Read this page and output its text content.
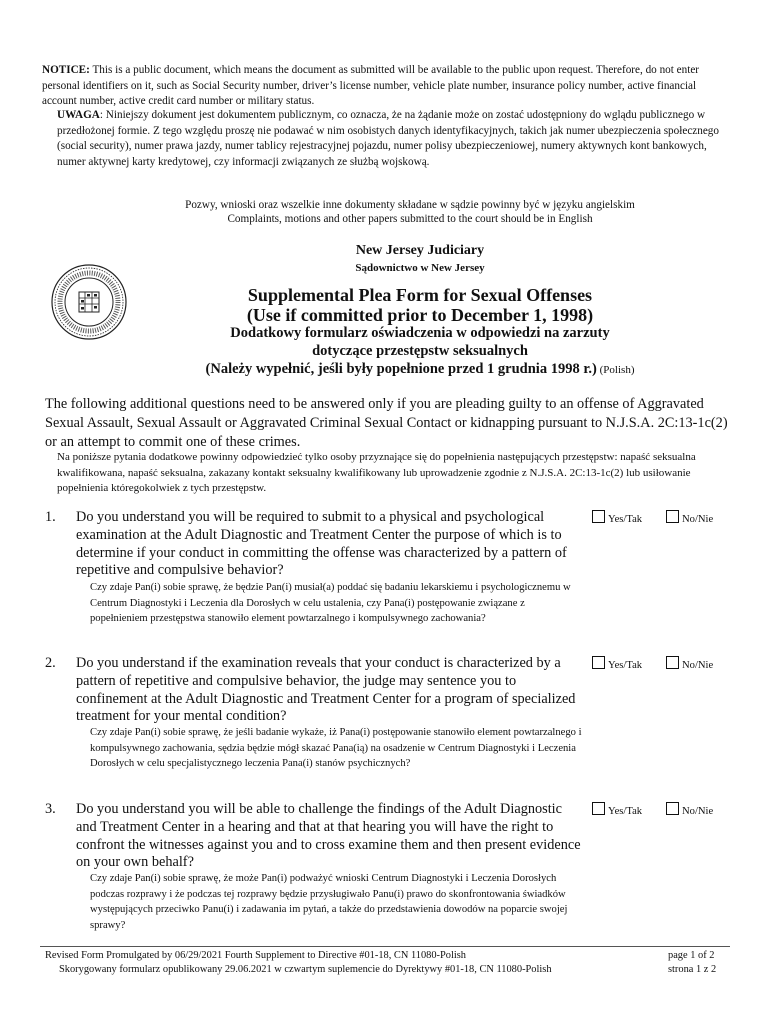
NOTICE: This is a public document, which means the document as submitted will be available to the public upon request. Therefore, do not enter personal identifiers on it, such as Social Security number, driver’s license number, vehicle plate number, insurance policy number, active financial account number, active credit card number or military status.
UWAGA: Niniejszy dokument jest dokumentem publicznym, co oznacza, że na żądanie może on zostać udostępniony do wglądu publicznego w przedłożonej formie. Z tego względu proszę nie podawać w nim osobistych danych identyfikacyjnych, takich jak numer ubezpieczenia społecznego (social security), numer prawa jazdy, numer tablicy rejestracyjnej pojazdu, numer polisy ubezpieczeniowej, numery aktywnych kont bankowych, numer aktywnej karty kredytowej, czy informacji związanych ze służbą wojskową.
Pozwy, wnioski oraz wszelkie inne dokumenty składane w sądzie powinny być w języku angielskim
Complaints, motions and other papers submitted to the court should be in English
New Jersey Judiciary
Sądownictwo w New Jersey
Supplemental Plea Form for Sexual Offenses
(Use if committed prior to December 1, 1998)
Dodatkowy formularz oświadczenia w odpowiedzi na zarzuty
dotyczące przestępstw seksualnych
(Należy wypełnić, jeśli były popełnione przed 1 grudnia 1998 r.) (Polish)
The following additional questions need to be answered only if you are pleading guilty to an offense of Aggravated Sexual Assault, Sexual Assault or Aggravated Criminal Sexual Contact or kidnapping pursuant to N.J.S.A. 2C:13-1c(2) or an attempt to commit one of these crimes.
Na poniższe pytania dodatkowe powinny odpowiedzieć tylko osoby przyznające się do popełnienia następujących przestępstw: napaść seksualna kwalifikowana, napaść seksualna, zakazany kontakt seksualny kwalifikowany lub uprowadzenie zgodnie z N.J.S.A. 2C:13-1c(2) lub usiłowanie popełnienia któregokolwiek z tych przestępstw.
1. Do you understand you will be required to submit to a physical and psychological examination at the Adult Diagnostic and Treatment Center the purpose of which is to determine if your conduct in committing the offense was characterized by a pattern of repetitive and compulsive behavior?
Czy zdaje Pan(i) sobie sprawę, że będzie Pan(i) musiał(a) poddać się badaniu lekarskiemu i psychologicznemu w Centrum Diagnostyki i Leczenia dla Dorosłych w celu ustalenia, czy Pana(i) postępowanie związane z popełnieniem przestępstwa stanowiło element powtarzalnego i kompulsywnego zachowania?
Yes/Tak	No/Nie
2. Do you understand if the examination reveals that your conduct is characterized by a pattern of repetitive and compulsive behavior, the judge may sentence you to confinement at the Adult Diagnostic and Treatment Center for a program of specialized treatment for your mental condition?
Czy zdaje Pan(i) sobie sprawę, że jeśli badanie wykaże, iż Pana(i) postępowanie stanowiło element powtarzalnego i kompulsywnego zachowania, sędzia będzie mógł skazać Pana(ią) na osadzenie w Centrum Diagnostyki i Leczenia Dorosłych w celu specjalistycznego leczenia Pana(i) stanów psychicznych?
Yes/Tak	No/Nie
3. Do you understand you will be able to challenge the findings of the Adult Diagnostic and Treatment Center in a hearing and that at that hearing you will have the right to confront the witnesses against you and to cross examine them and then present evidence on your own behalf?
Czy zdaje Pan(i) sobie sprawę, że może Pan(i) podważyć wnioski Centrum Diagnostyki i Leczenia Dorosłych podczas rozprawy i że podczas tej rozprawy będzie przysługiwało Panu(i) prawo do skonfrontowania świadków występujących przeciwko Panu(i) i zadawania im pytań, a także do przedstawienia dowodów na poparcie swojej sprawy?
Yes/Tak	No/Nie
Revised Form Promulgated by 06/29/2021 Fourth Supplement to Directive #01-18, CN 11080-Polish
Skorygowany formularz opublikowany 29.06.2021 w czwartym suplemencie do Dyrektywy #01-18, CN 11080-Polish
page 1 of 2
strona 1 z 2
